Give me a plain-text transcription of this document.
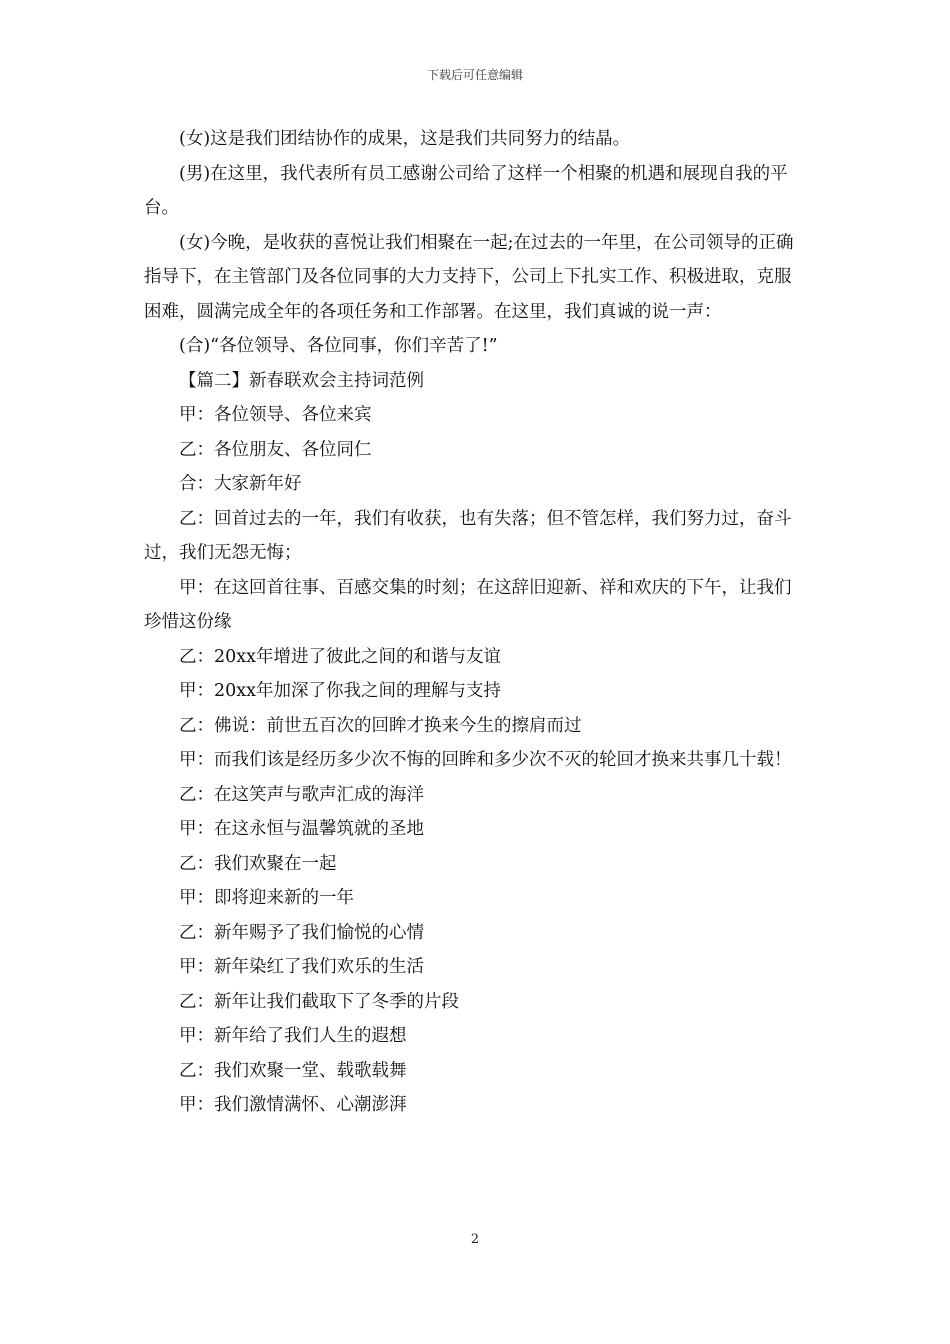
下载后可任意编辑

(女)这是我们团结协作的成果，这是我们共同努力的结晶。

(男)在这里，我代表所有员工感谢公司给了这样一个相聚的机遇和展现自我的平台。

(女)今晚，是收获的喜悦让我们相聚在一起;在过去的一年里，在公司领导的正确指导下，在主管部门及各位同事的大力支持下，公司上下扎实工作、积极进取，克服困难，圆满完成全年的各项任务和工作部署。在这里，我们真诚的说一声：

(合)“各位领导、各位同事，你们辛苦了!”

【篇二】新春联欢会主持词范例

甲：各位领导、各位来宾

乙：各位朋友、各位同仁

合：大家新年好

乙：回首过去的一年，我们有收获，也有失落；但不管怎样，我们努力过，奋斗过，我们无怨无悔；

甲：在这回首往事、百感交集的时刻；在这辞旧迎新、祥和欢庆的下午，让我们珍惜这份缘

乙：20xx年增进了彼此之间的和谐与友谊

甲：20xx年加深了你我之间的理解与支持

乙：佛说：前世五百次的回眸才换来今生的擦肩而过

甲：而我们该是经历多少次不悔的回眸和多少次不灭的轮回才换来共事几十载！

乙：在这笑声与歌声汇成的海洋

甲：在这永恒与温馨筑就的圣地

乙：我们欢聚在一起

甲：即将迎来新的一年

乙：新年赐予了我们愉悦的心情

甲：新年染红了我们欢乐的生活

乙：新年让我们截取下了冬季的片段

甲：新年给了我们人生的遐想

乙：我们欢聚一堂、载歌载舞

甲：我们激情满怀、心潮澎湃

2
